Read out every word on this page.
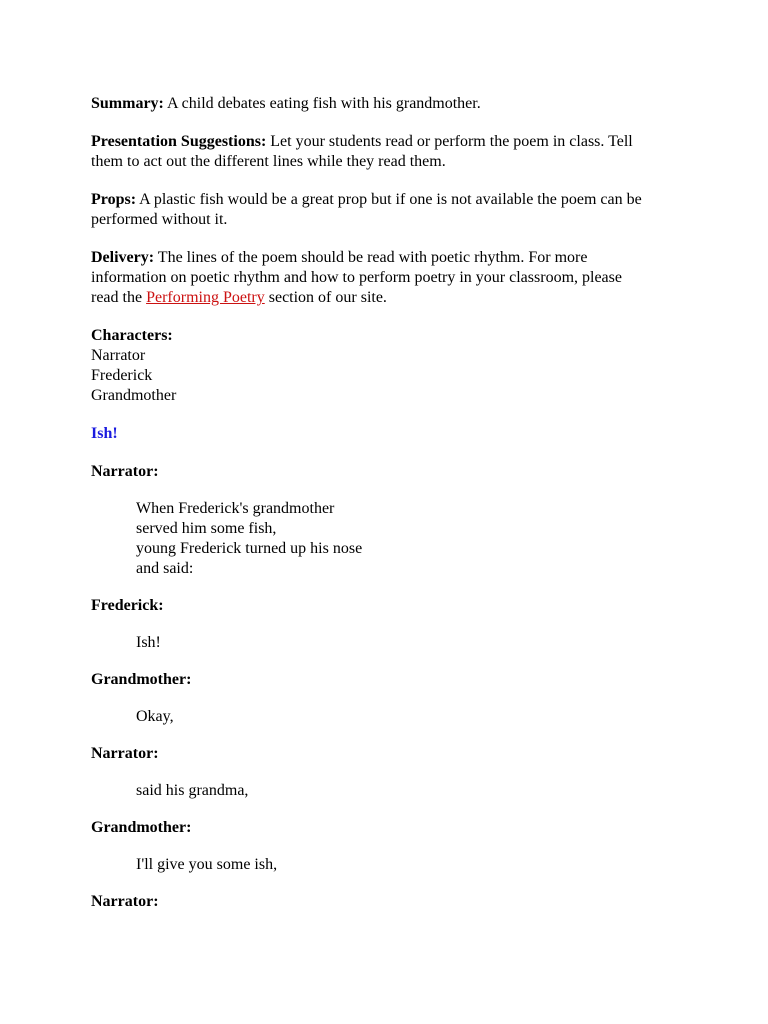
Summary: A child debates eating fish with his grandmother.

Presentation Suggestions: Let your students read or perform the poem in class. Tell
them to act out the different lines while they read them.

Props: A plastic fish would be a great prop but if one is not available the poem can be
performed without it.

Delivery: The lines of the poem should be read with poetic rhythm. For more
information on poetic rhythm and how to perform poetry in your classroom, please
read the Performing Poetry section of our site.

Characters:
Narrator
Frederick
Grandmother

Ish!

Narrator:

When Frederick's grandmother
served him some fish,
young Frederick turned up his nose
and said:

Frederick:

Ish!

Grandmother:

Okay,

Narrator:

said his grandma,

Grandmother:

I'll give you some ish,

Narrator:
